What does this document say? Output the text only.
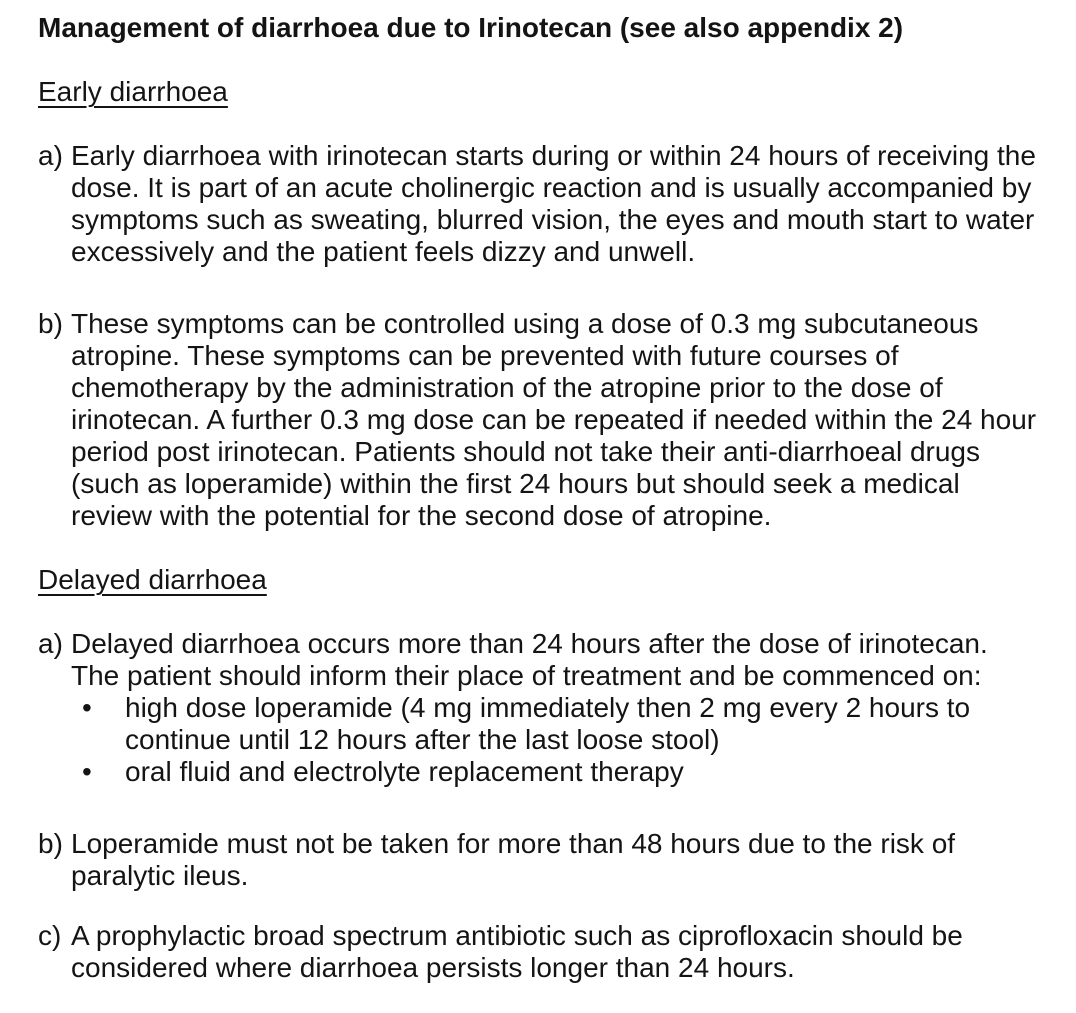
Management of diarrhoea due to Irinotecan (see also appendix 2)
Early diarrhoea
a) Early diarrhoea with irinotecan starts during or within 24 hours of receiving the dose. It is part of an acute cholinergic reaction and is usually accompanied by symptoms such as sweating, blurred vision, the eyes and mouth start to water excessively and the patient feels dizzy and unwell.
b) These symptoms can be controlled using a dose of 0.3 mg subcutaneous atropine. These symptoms can be prevented with future courses of chemotherapy by the administration of the atropine prior to the dose of irinotecan. A further 0.3 mg dose can be repeated if needed within the 24 hour period post irinotecan. Patients should not take their anti-diarrhoeal drugs (such as loperamide) within the first 24 hours but should seek a medical review with the potential for the second dose of atropine.
Delayed diarrhoea
a) Delayed diarrhoea occurs more than 24 hours after the dose of irinotecan. The patient should inform their place of treatment and be commenced on:
•	high dose loperamide (4 mg immediately then 2 mg every 2 hours to continue until 12 hours after the last loose stool)
•	oral fluid and electrolyte replacement therapy
b) Loperamide must not be taken for more than 48 hours due to the risk of paralytic ileus.
c) A prophylactic broad spectrum antibiotic such as ciprofloxacin should be considered where diarrhoea persists longer than 24 hours.
